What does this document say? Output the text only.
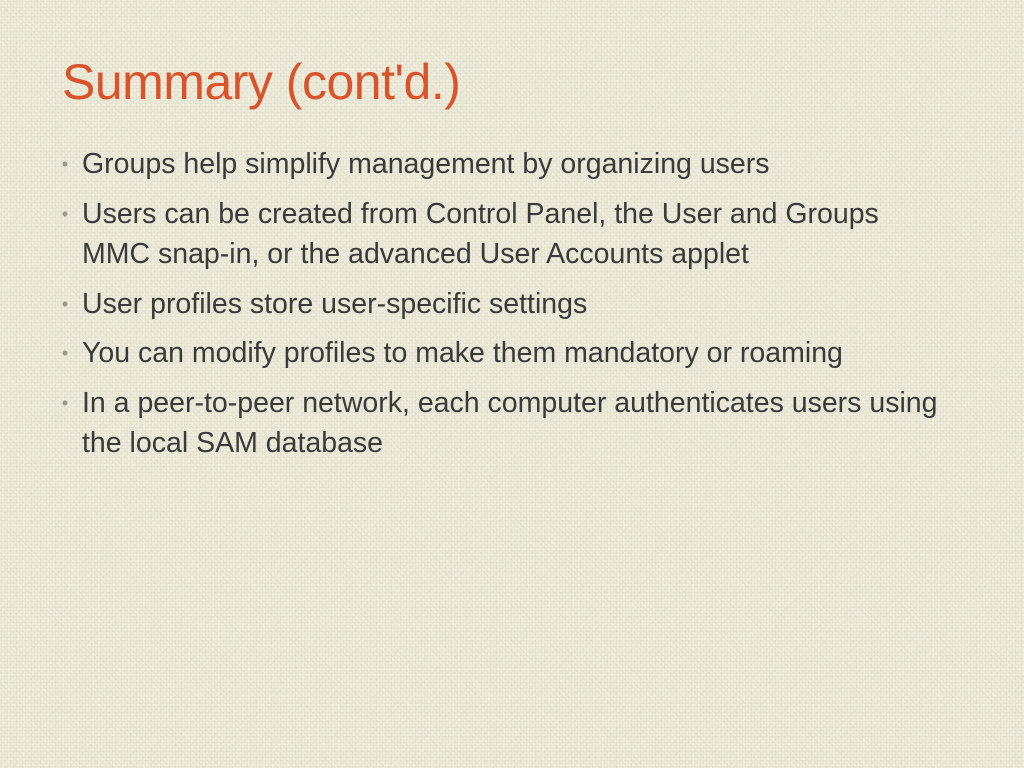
Summary (cont'd.)
• Groups help simplify management by organizing users
• Users can be created from Control Panel, the User and Groups MMC snap-in, or the advanced User Accounts applet
• User profiles store user-specific settings
• You can modify profiles to make them mandatory or roaming
• In a peer-to-peer network, each computer authenticates users using the local SAM database
